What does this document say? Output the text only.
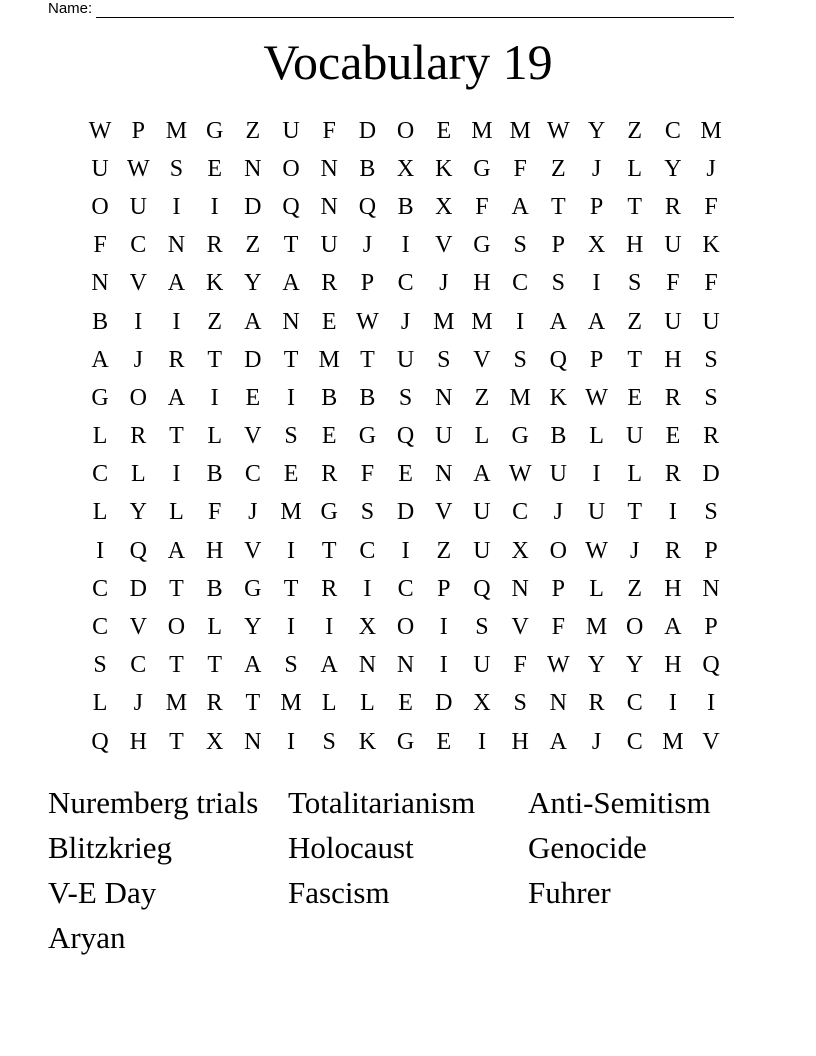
Name:
Vocabulary 19
W P M G Z U F D O E M M W Y Z C M
U W S	E N O N B X K G F	Z	J	L Y	J
O U	I	I	D Q N Q B X F A T	P	T R F
F C N R Z T U	J	I	V G S	P X H U K
N V A K Y A R P C	J	H C S	I	S	F	F
B	I	I	Z A N E W J M M I	A A Z U U
A	J	R T D T M T U S V S Q P	T H S
G O A	I	E	I	B B S N Z M K W E R S
L R T L V S	E G Q U L G B L U E R
C L	I	B C E R F	E N A W U	I	L R D
L Y L	F	J M G S D V U C	J	U T	I	S
I	Q A H V	I	T C	I	Z U X O W J	R P
C D T B G T R	I	C P Q N P	L Z H N
C V O L Y	I	I	X O	I	S V F M O A P
S C T T A S A N N	I	U F W Y Y H Q
L	J M R T M L L E D X S N R C	I	I
Q H T X N	I	S K G E	I	H A	J	C M V
Nuremberg trials Totalitarianism	Anti-Semitism
Blitzkrieg	Holocaust	Genocide
V-E Day	Fascism	Fuhrer
Aryan
